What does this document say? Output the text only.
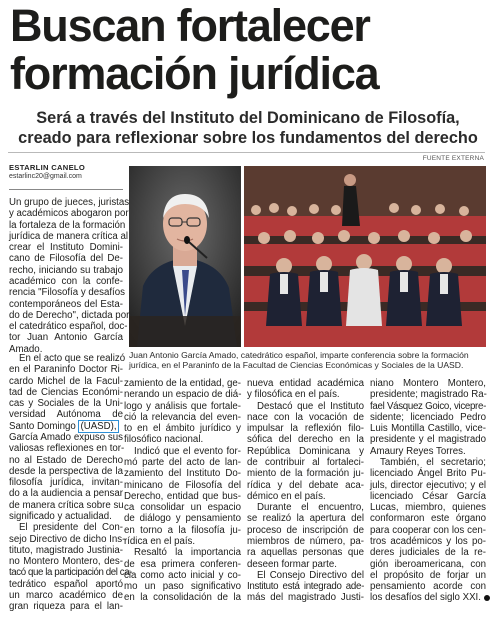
Buscan fortalecer
formación jurídica
Será a través del Instituto del Dominicano de Filosofía,
creado para reflexionar sobre los fundamentos del derecho
FUENTE EXTERNA
ESTARLIN CANELO
estarlinc20@gmail.com
Juan Antonio García Amado, catedrático español, imparte conferencia sobre la formación
jurídica, en el Paraninfo de la Facultad de Ciencias Económicas y Sociales de la UASD.

Un grupo de jueces, juristas
y académicos abogaron por
la fortaleza de la formación
jurídica de manera crítica al
crear el Instituto Domini-
cano de Filosofía del De-
recho, iniciando su trabajo
académico con la confe-
rencia "Filosofía y desafíos
contemporáneos del Esta-
do de Derecho", dictada por
el catedrático español, doc-
tor Juan Antonio García
Amado.

En el acto que se realizó
en el Paraninfo Doctor Ri-
cardo Michel de la Facul-
tad de Ciencias Económi-
cas y Sociales de la Uni-
versidad Autónoma de
Santo Domingo (UASD),
García Amado expuso sus
valiosas reflexiones en tor-
no al Estado de Derecho
desde la perspectiva de la
filosofía jurídica, invitan-
do a la audiencia a pensar
de manera crítica sobre su
significado y actualidad.
El presidente del Con-
sejo Directivo de dicho Ins-
tituto, magistrado Justinia-
no Montero Montero, des-
tacó que la participación del ca-
tedrático español aportó
un marco académico de
gran riqueza para el lan-
zamiento de la entidad, ge-
nerando un espacio de diá-
logo y análisis que fortale-
ció la relevancia del even-
to en el ámbito jurídico y
filosófico nacional.
Indicó que el evento for-
mó parte del acto de lan-
zamiento del Instituto Do-
minicano de Filosofía del
Derecho, entidad que bus-
ca consolidar un espacio
de diálogo y pensamiento
en torno a la filosofía ju-
rídica en el país.
Resaltó la importancia
de esa primera conferen-
cia como acto inicial y co-
mo un paso significativo
en la consolidación de la
nueva entidad académica
y filosófica en el país.
Destacó que el Instituto
nace con la vocación de
impulsar la reflexión filo-
sófica del derecho en la
República Dominicana y
de contribuir al fortaleci-
miento de la formación ju-
rídica y del debate aca-
démico en el país.
Durante el encuentro,
se realizó la apertura del
proceso de inscripción de
miembros de número, pa-
ra aquellas personas que
deseen formar parte.
El Consejo Directivo del
Instituto está integrado ade-
más del magistrado Justi-
niano Montero Montero,
presidente; magistrado Ra-
fael Vásquez Goico, vicepre-
sidente; licenciado Pedro
Luis Montilla Castillo, vice-
presidente y el magistrado
Amaury Reyes Torres.
También, el secretario;
licenciado Ángel Brito Pu-
juls, director ejecutivo; y el
licenciado César García
Lucas, miembro, quienes
conformaron este órgano
para cooperar con los cen-
tros académicos y los po-
deres judiciales de la re-
gión iberoamericana, con
el propósito de forjar un
pensamiento acorde con
los desafíos del siglo XXI.
